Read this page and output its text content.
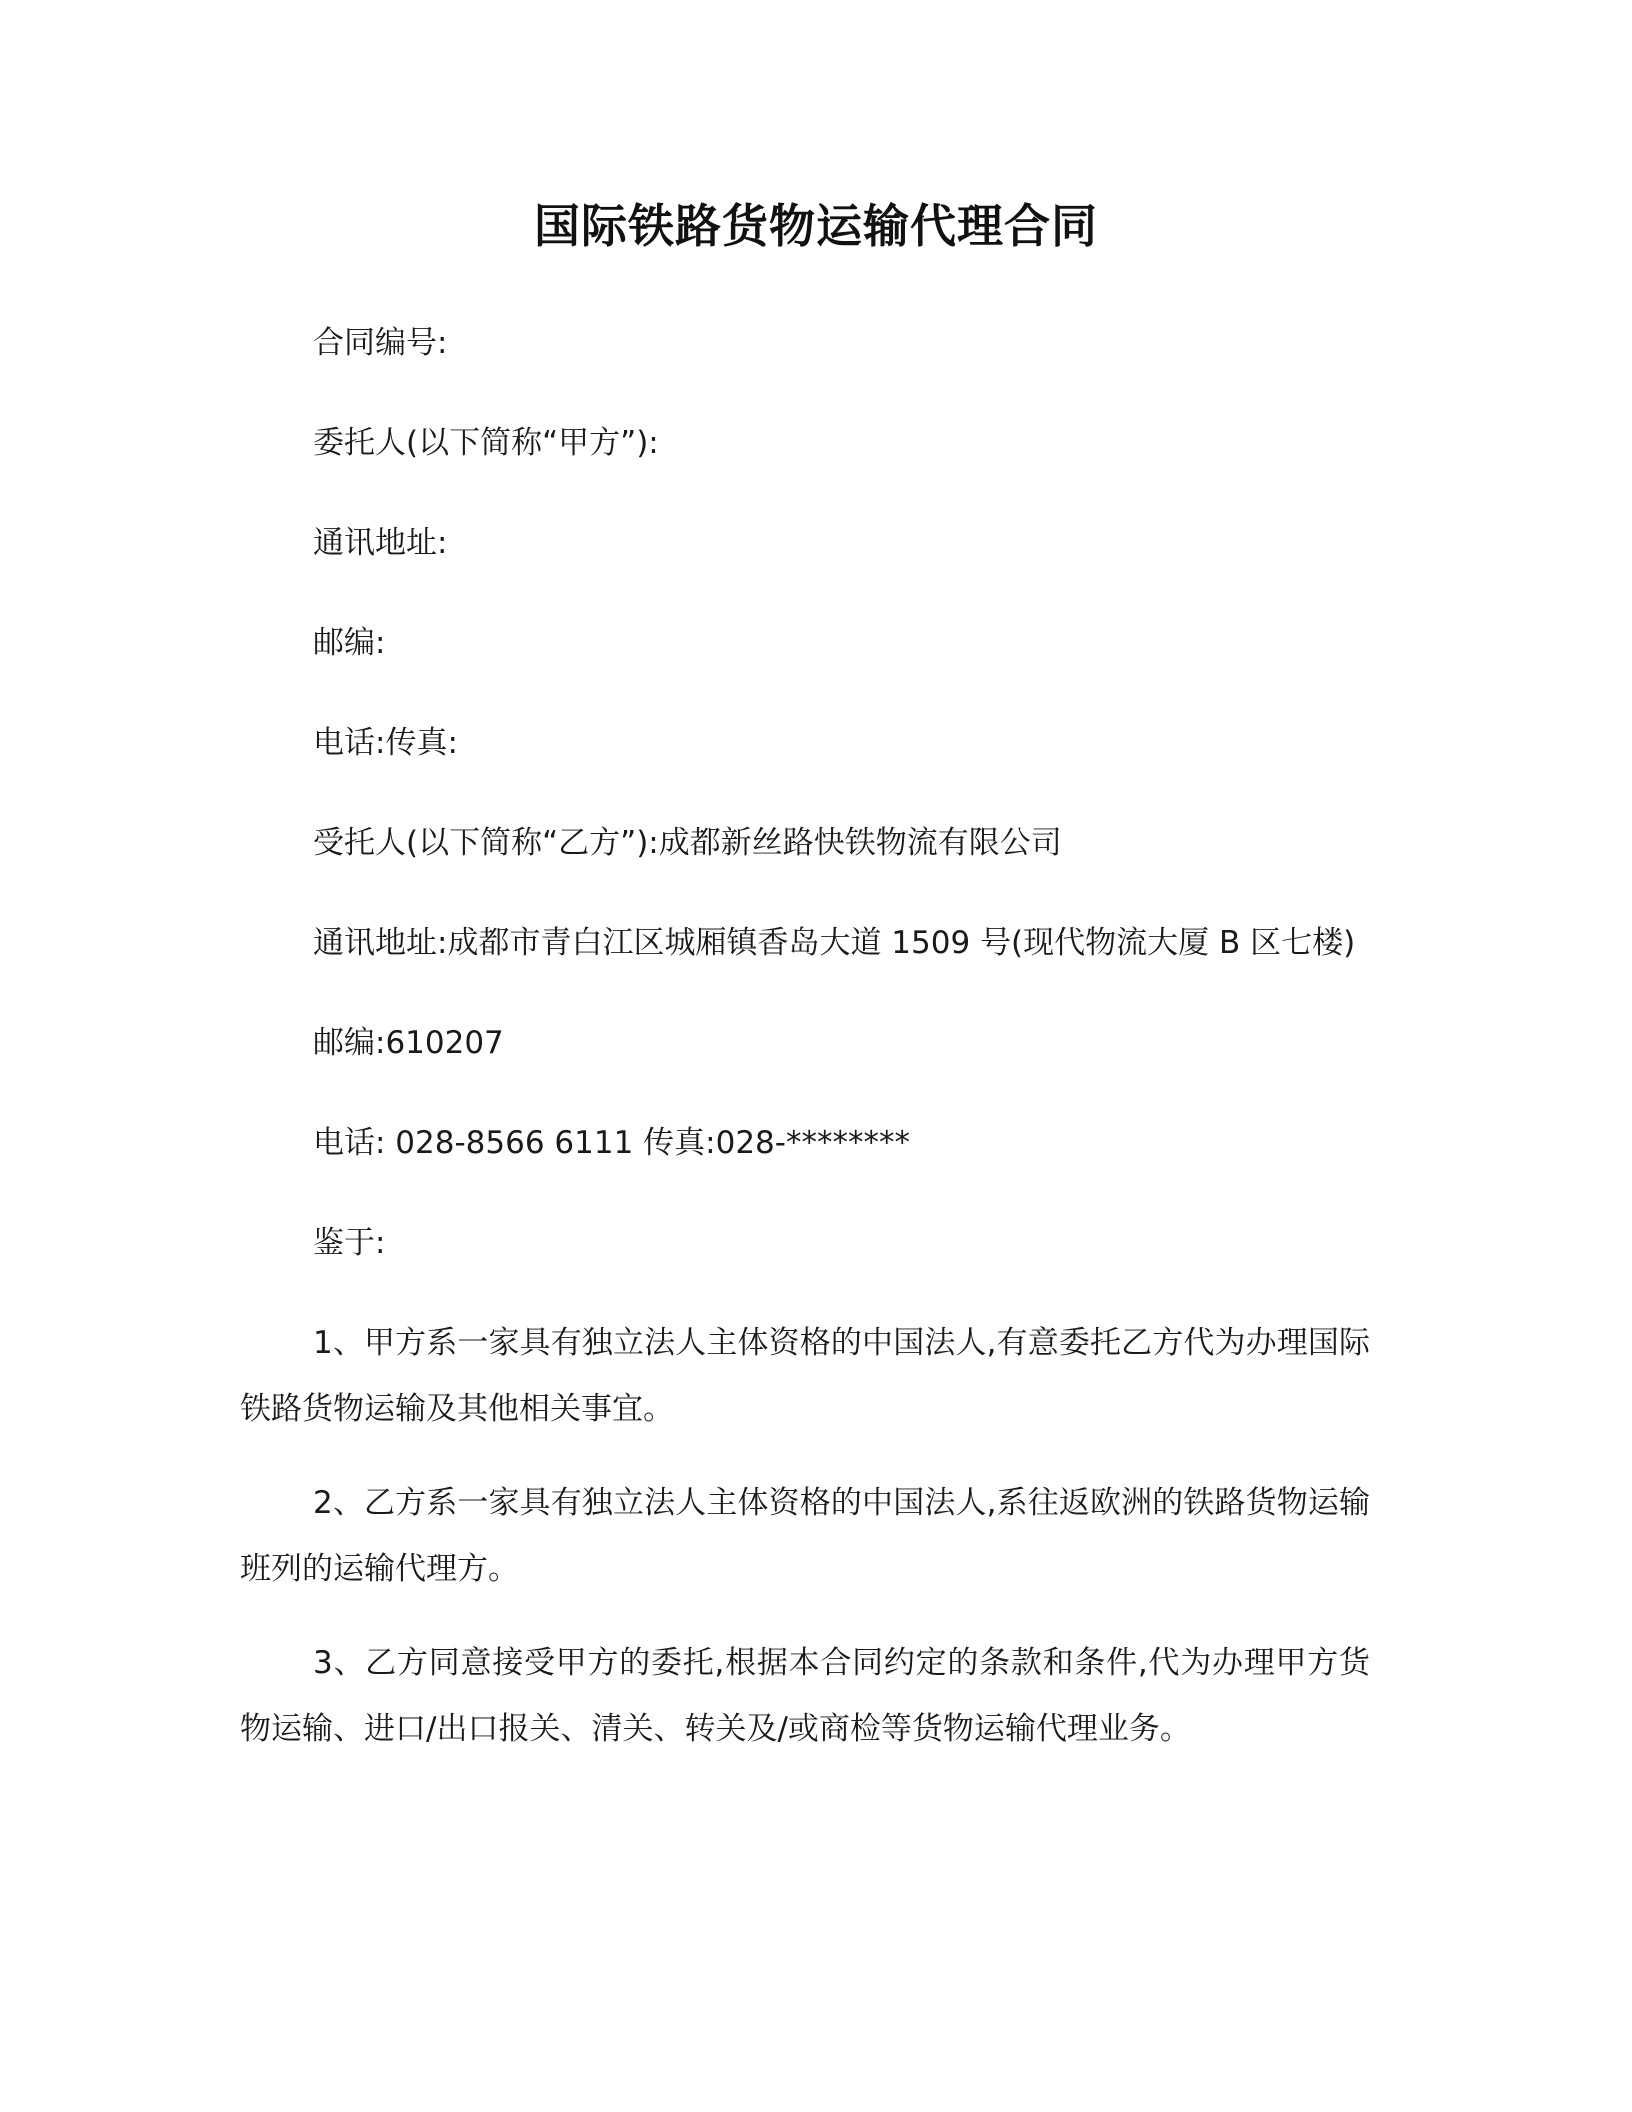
国际铁路货物运输代理合同
合同编号:
委托人(以下简称“甲方”):
通讯地址:
邮编:
电话:传真:
受托人(以下简称“乙方”):成都新丝路快铁物流有限公司
通讯地址:成都市青白江区城厢镇香岛大道 1509 号(现代物流大厦 B 区七楼)
邮编:610207
电话: 028-8566 6111 传真:028-********
鉴于:
1、甲方系一家具有独立法人主体资格的中国法人,有意委托乙方代为办理国际铁路货物运输及其他相关事宜。
2、乙方系一家具有独立法人主体资格的中国法人,系往返欧洲的铁路货物运输班列的运输代理方。
3、乙方同意接受甲方的委托,根据本合同约定的条款和条件,代为办理甲方货物运输、进口/出口报关、清关、转关及/或商检等货物运输代理业务。
